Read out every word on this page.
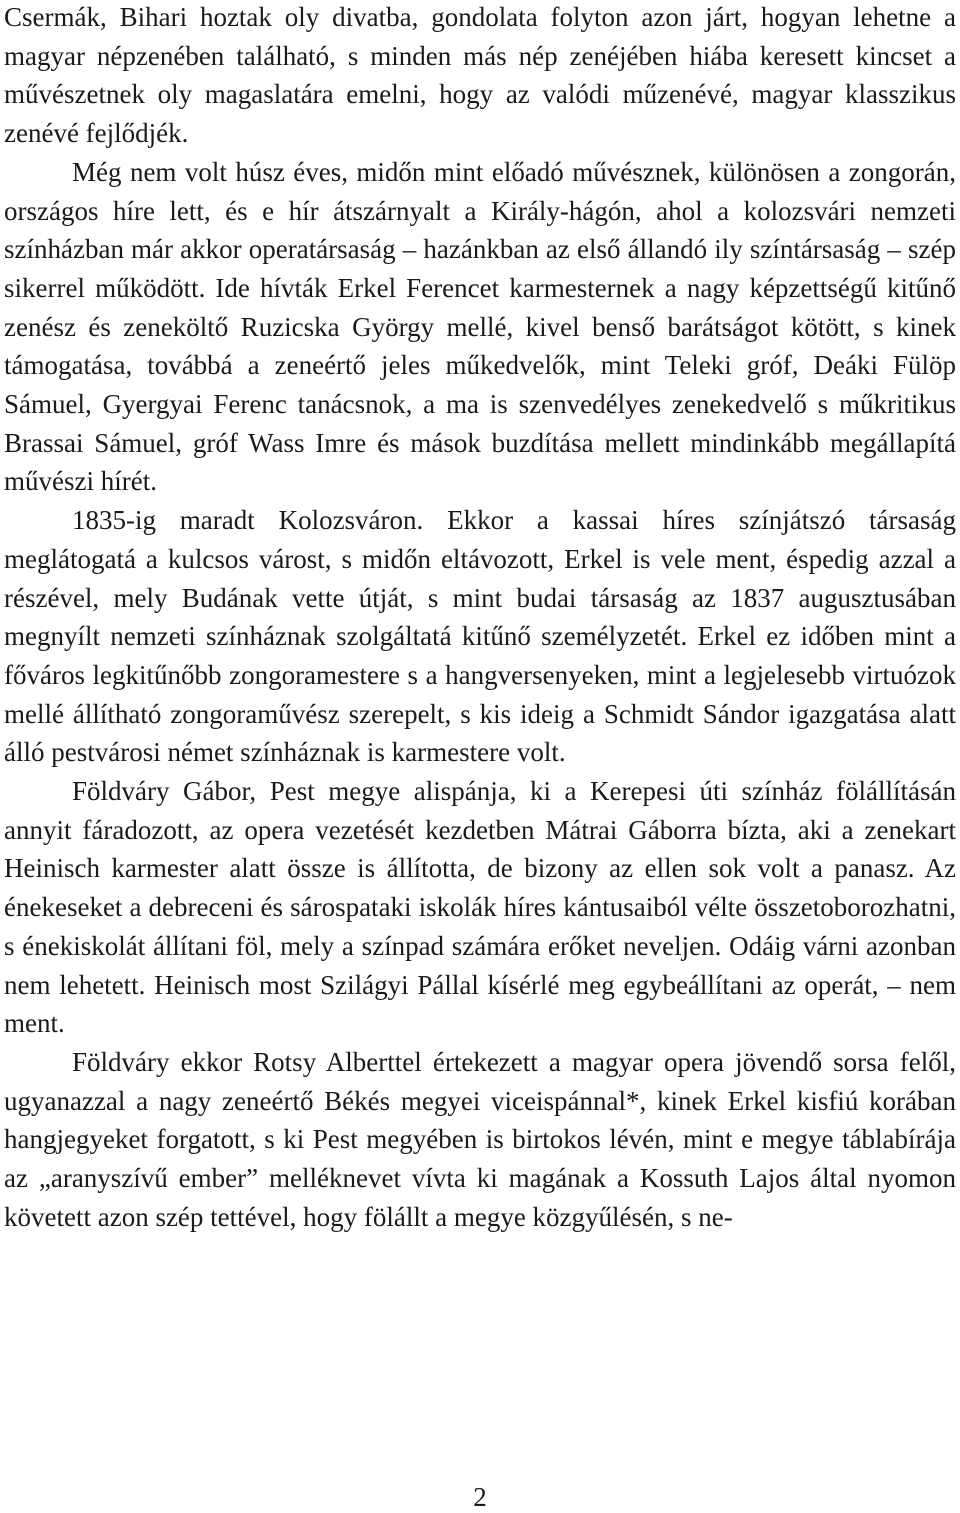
Csermák, Bihari hoztak oly divatba, gondolata folyton azon járt, hogyan lehetne a magyar népzenében található, s minden más nép zenéjében hiába keresett kincset a művészetnek oly magaslatára emelni, hogy az valódi műzenévé, magyar klasszikus zenévé fejlődjék.

Még nem volt húsz éves, midőn mint előadó művésznek, különösen a zongorán, országos híre lett, és e hír átszárnyalt a Király-hágón, ahol a kolozsvári nemzeti színházban már akkor operatársaság – hazánkban az első állandó ily színtársaság – szép sikerrel működött. Ide hívták Erkel Ferencet karmesternek a nagy képzettségű kitűnő zenész és zeneköltő Ruzicska György mellé, kivel benső barátságot kötött, s kinek támogatása, továbbá a zeneértő jeles műkedvelők, mint Teleki gróf, Deáki Fülöp Sámuel, Gyergyai Ferenc tanácsnok, a ma is szenvedélyes zenekedvelő s műkritikus Brassai Sámuel, gróf Wass Imre és mások buzdítása mellett mindinkább megállapítá művészi hírét.

1835-ig maradt Kolozsváron. Ekkor a kassai híres színjátszó társaság meglátogatá a kulcsos várost, s midőn eltávozott, Erkel is vele ment, éspedig azzal a részével, mely Budának vette útját, s mint budai társaság az 1837 augusztusában megnyílt nemzeti színháznak szolgáltatá kitűnő személyzetét. Erkel ez időben mint a főváros legkitűnőbb zongoramestere s a hangversenyeken, mint a legjelesebb virtuózok mellé állítható zongoraművész szerepelt, s kis ideig a Schmidt Sándor igazgatása alatt álló pestvárosi német színháznak is karmestere volt.

Földváry Gábor, Pest megye alispánja, ki a Kerepesi úti színház fölállításán annyit fáradozott, az opera vezetését kezdetben Mátrai Gáborra bízta, aki a zenekart Heinisch karmester alatt össze is állította, de bizony az ellen sok volt a panasz. Az énekeseket a debreceni és sárospataki iskolák híres kántusaiból vélte összetoborozhatni, s énekiskolát állítani föl, mely a színpad számára erőket neveljen. Odáig várni azonban nem lehetett. Heinisch most Szilágyi Pállal kísérlé meg egybeállítani az operát, – nem ment.

Földváry ekkor Rotsy Alberttel értekezett a magyar opera jövendő sorsa felől, ugyanazzal a nagy zeneértő Békés megyei viceispánnal*, kinek Erkel kisfiú korában hangjegyeket forgatott, s ki Pest megyében is birtokos lévén, mint e megye táblabírája az „aranyszívű ember” melléknevet vívta ki magának a Kossuth Lajos által nyomon követett azon szép tettével, hogy fölállt a megye közgyűlésén, s ne-

2
